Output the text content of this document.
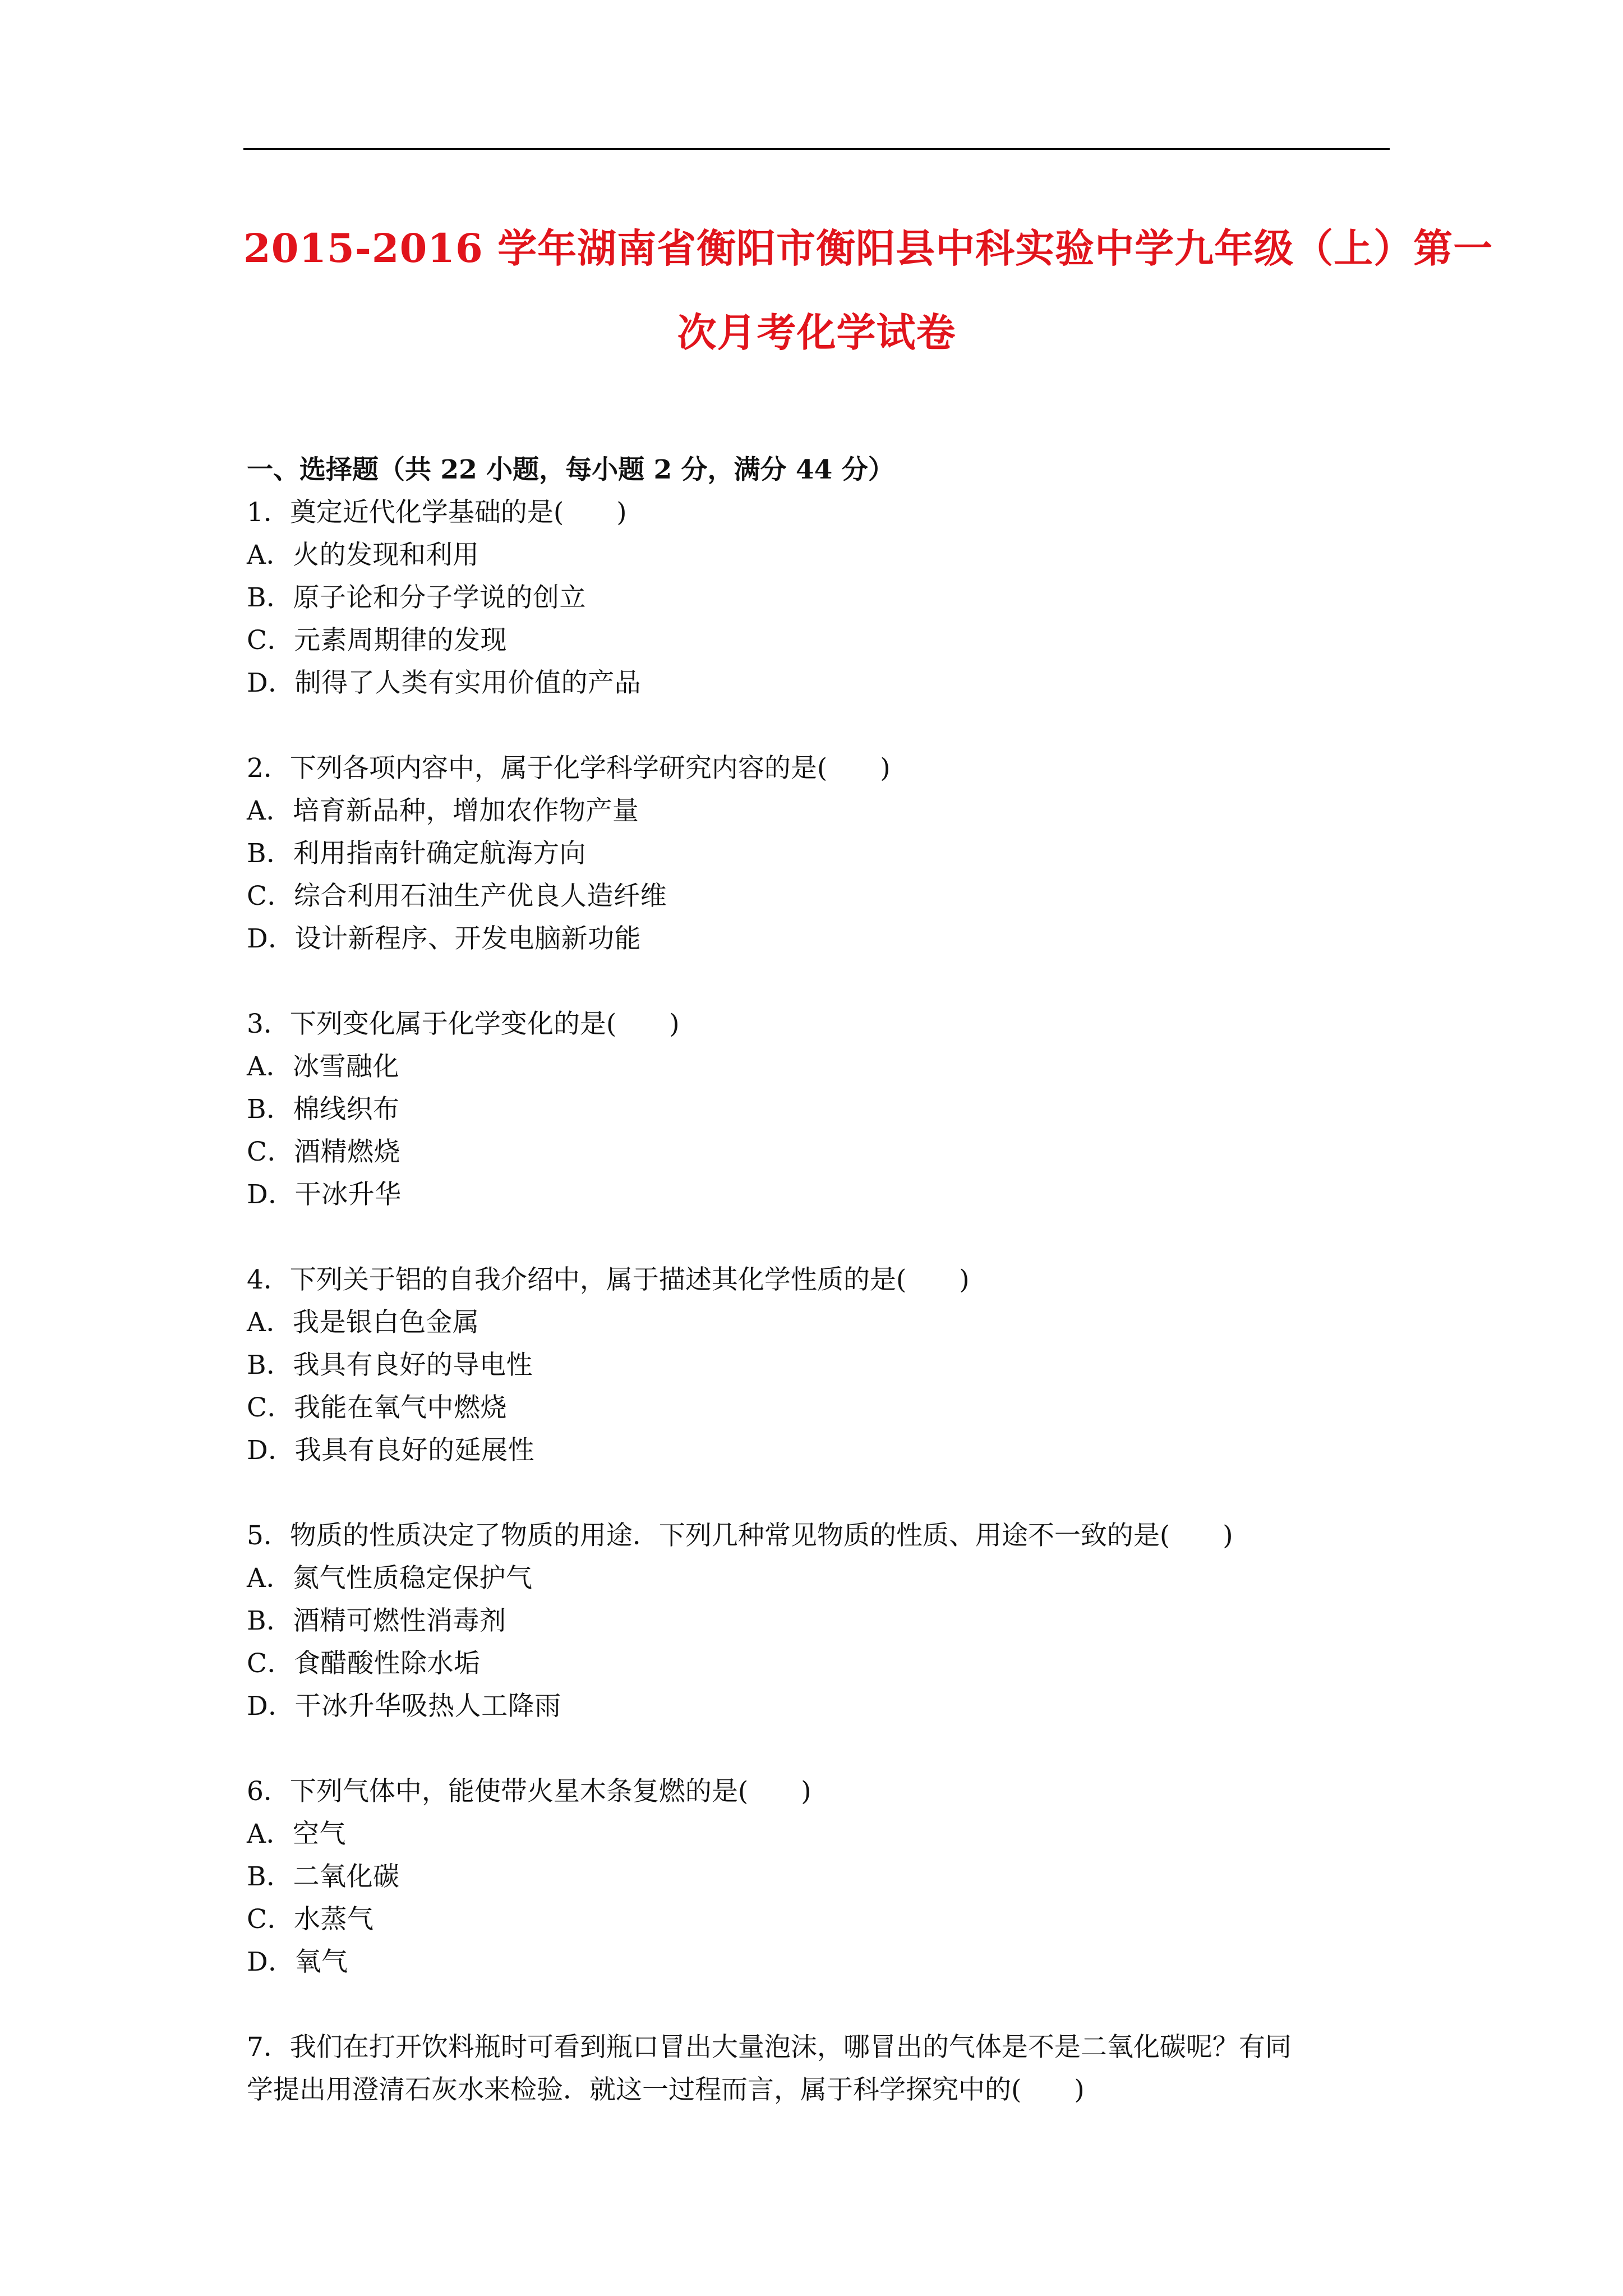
2015-2016 学年湖南省衡阳市衡阳县中科实验中学九年级（上）第一
次月考化学试卷
一、选择题（共 22 小题，每小题 2 分，满分 44 分）
1．奠定近代化学基础的是(　　)
A．火的发现和利用
B．原子论和分子学说的创立
C．元素周期律的发现
D．制得了人类有实用价值的产品
2．下列各项内容中，属于化学科学研究内容的是(　　)
A．培育新品种，增加农作物产量
B．利用指南针确定航海方向
C．综合利用石油生产优良人造纤维
D．设计新程序、开发电脑新功能
3．下列变化属于化学变化的是(　　)
A．冰雪融化
B．棉线织布
C．酒精燃烧
D．干冰升华
4．下列关于铝的自我介绍中，属于描述其化学性质的是(　　)
A．我是银白色金属
B．我具有良好的导电性
C．我能在氧气中燃烧
D．我具有良好的延展性
5．物质的性质决定了物质的用途．下列几种常见物质的性质、用途不一致的是(　　)
A．氮气性质稳定保护气
B．酒精可燃性消毒剂
C．食醋酸性除水垢
D．干冰升华吸热人工降雨
6．下列气体中，能使带火星木条复燃的是(　　)
A．空气
B．二氧化碳
C．水蒸气
D．氧气
7．我们在打开饮料瓶时可看到瓶口冒出大量泡沫，哪冒出的气体是不是二氧化碳呢？有同
学提出用澄清石灰水来检验．就这一过程而言，属于科学探究中的(　　)
